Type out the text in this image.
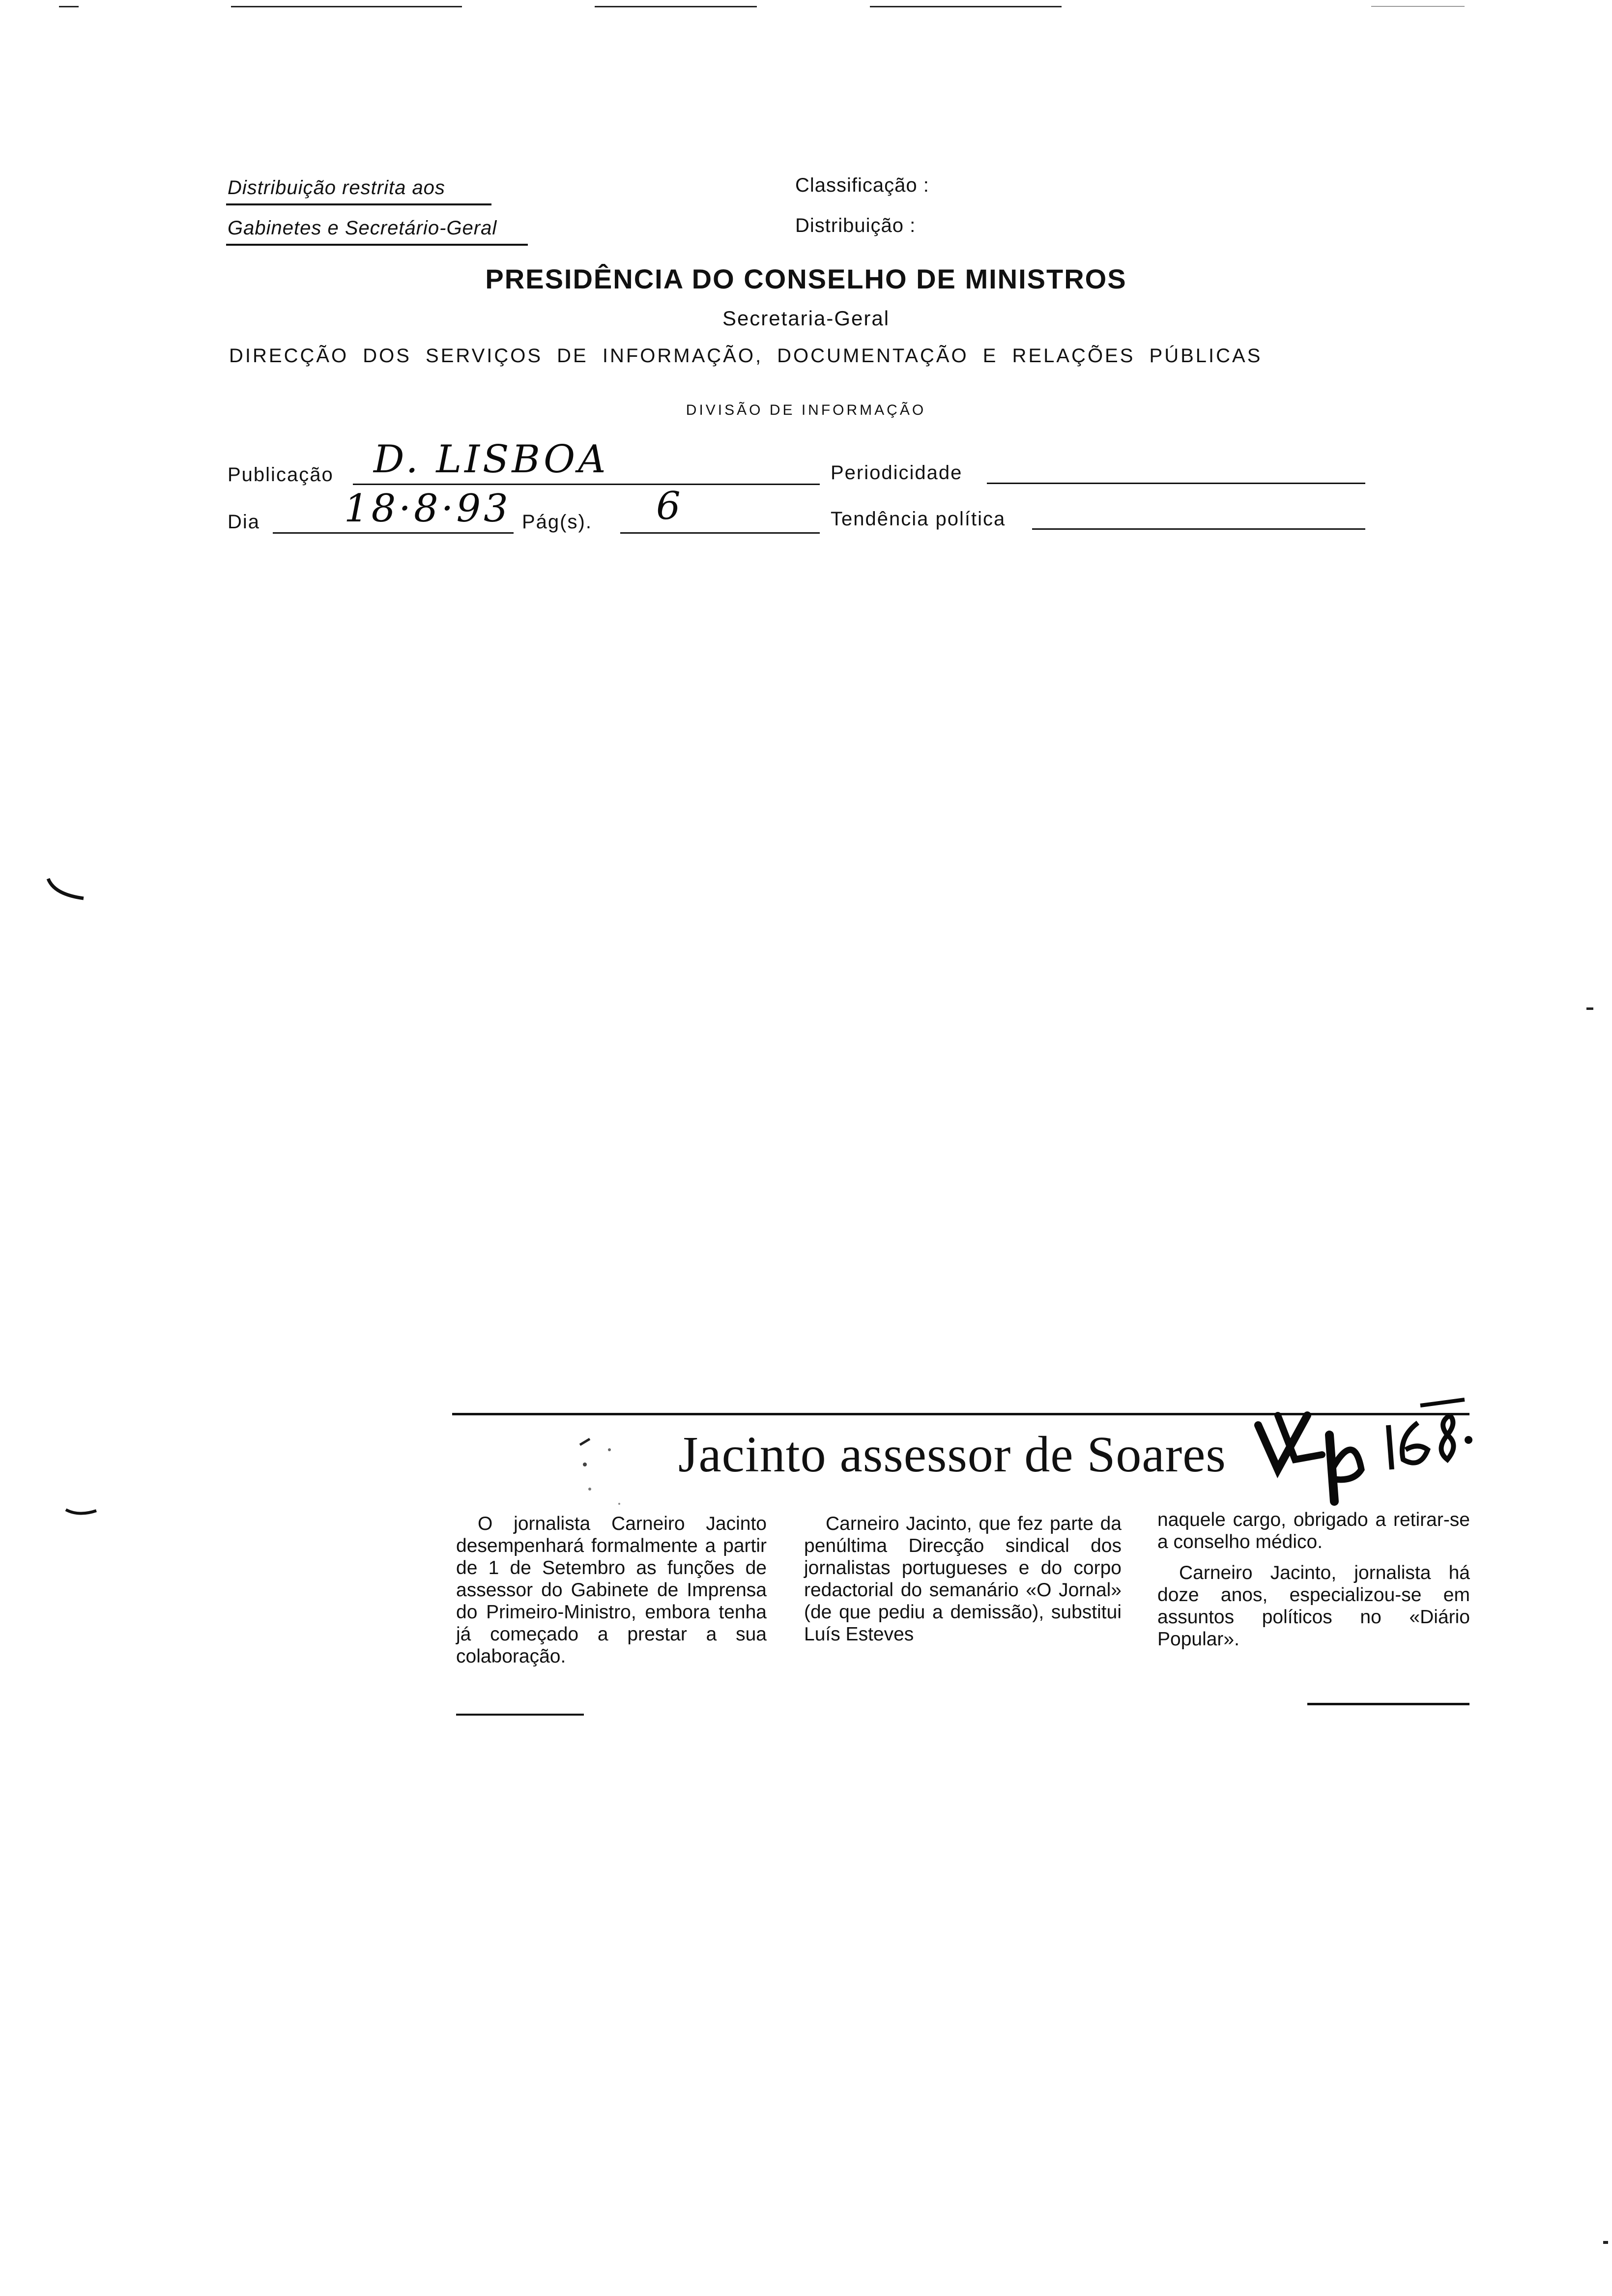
Distribuição restrita aos
Gabinetes e Secretário-Geral
Classificação :
Distribuição :
PRESIDÊNCIA DO CONSELHO DE MINISTROS
Secretaria-Geral
DIRECÇÃO DOS SERVIÇOS DE INFORMAÇÃO, DOCUMENTAÇÃO E RELAÇÕES PÚBLICAS
DIVISÃO DE INFORMAÇÃO
Publicação D. LISBOA	Periodicidade
Dia 18·8·93 Pág(s). 6	Tendência política
Jacinto assessor de Soares

O jornalista Carneiro Jacinto desempenhará formalmente a partir de 1 de Setembro as funções de assessor do Gabinete de Imprensa do Primeiro-Ministro, embora tenha já começado a prestar a sua colaboração.

Carneiro Jacinto, que fez parte da penúltima Direcção sindical dos jornalistas portugueses e do corpo redactorial do semanário «O Jornal» (de que pediu a demissão), substitui Luís Esteves

naquele cargo, obrigado a retirar-se a conselho médico.

Carneiro Jacinto, jornalista há doze anos, especializou-se em assuntos políticos no «Diário Popular».
